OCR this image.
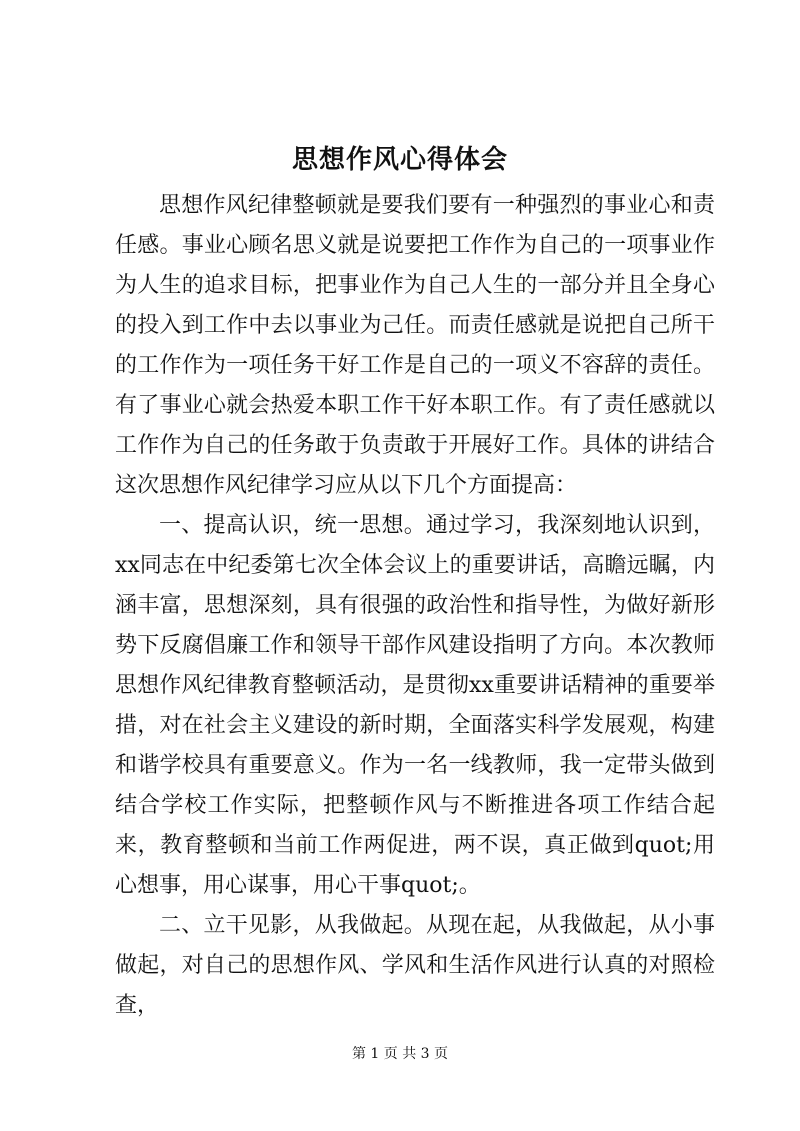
思想作风心得体会

思想作风纪律整顿就是要我们要有一种强烈的事业心和责任感。事业心顾名思义就是说要把工作作为自己的一项事业作为人生的追求目标，把事业作为自己人生的一部分并且全身心的投入到工作中去以事业为己任。而责任感就是说把自己所干的工作作为一项任务干好工作是自己的一项义不容辞的责任。有了事业心就会热爱本职工作干好本职工作。有了责任感就以工作作为自己的任务敢于负责敢于开展好工作。具体的讲结合这次思想作风纪律学习应从以下几个方面提高：

一、提高认识，统一思想。通过学习，我深刻地认识到，xx同志在中纪委第七次全体会议上的重要讲话，高瞻远瞩，内涵丰富，思想深刻，具有很强的政治性和指导性，为做好新形势下反腐倡廉工作和领导干部作风建设指明了方向。本次教师思想作风纪律教育整顿活动，是贯彻xx重要讲话精神的重要举措，对在社会主义建设的新时期，全面落实科学发展观，构建和谐学校具有重要意义。作为一名一线教师，我一定带头做到结合学校工作实际，把整顿作风与不断推进各项工作结合起来，教育整顿和当前工作两促进，两不误，真正做到quot;用心想事，用心谋事，用心干事quot;。

二、立干见影，从我做起。从现在起，从我做起，从小事做起，对自己的思想作风、学风和生活作风进行认真的对照检查，

第 1 页 共 3 页
